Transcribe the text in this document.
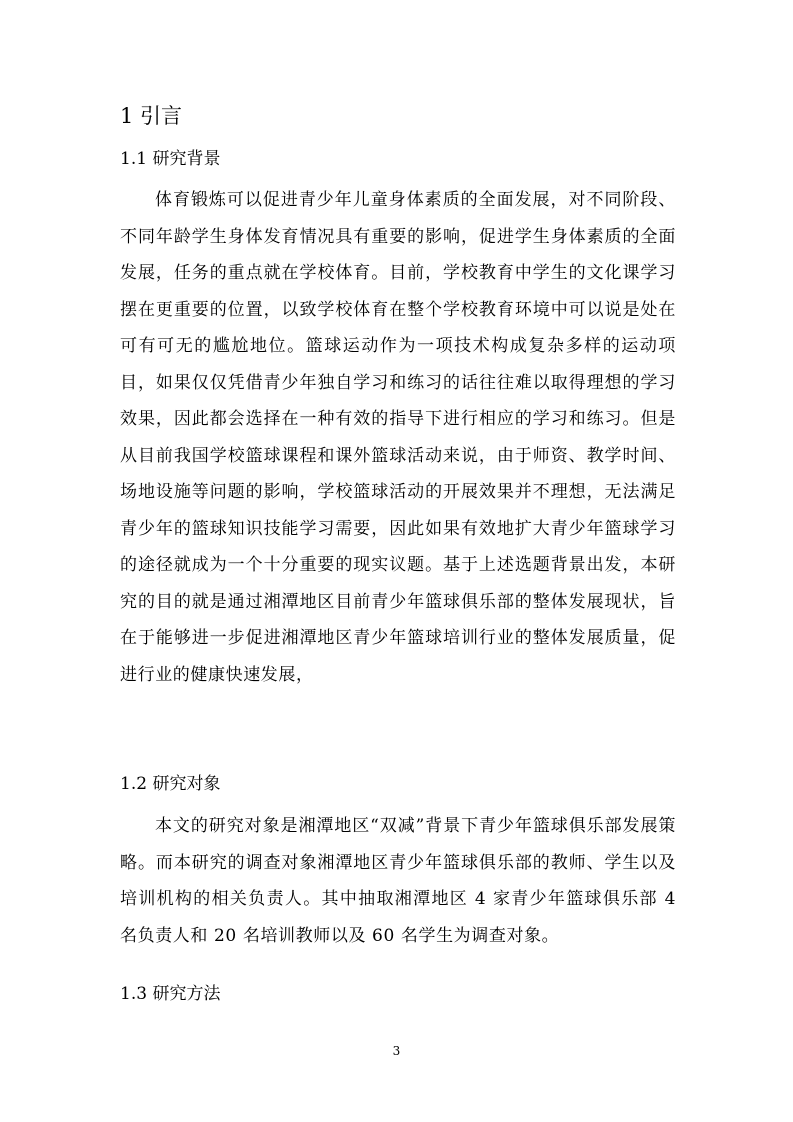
1 引言
1.1 研究背景

体育锻炼可以促进青少年儿童身体素质的全面发展，对不同阶段、不同年龄学生身体发育情况具有重要的影响，促进学生身体素质的全面发展，任务的重点就在学校体育。目前，学校教育中学生的文化课学习摆在更重要的位置，以致学校体育在整个学校教育环境中可以说是处在可有可无的尴尬地位。篮球运动作为一项技术构成复杂多样的运动项目，如果仅仅凭借青少年独自学习和练习的话往往难以取得理想的学习效果，因此都会选择在一种有效的指导下进行相应的学习和练习。但是从目前我国学校篮球课程和课外篮球活动来说，由于师资、教学时间、场地设施等问题的影响，学校篮球活动的开展效果并不理想，无法满足青少年的篮球知识技能学习需要，因此如果有效地扩大青少年篮球学习的途径就成为一个十分重要的现实议题。基于上述选题背景出发，本研究的目的就是通过湘潭地区目前青少年篮球俱乐部的整体发展现状，旨在于能够进一步促进湘潭地区青少年篮球培训行业的整体发展质量，促进行业的健康快速发展，

1.2 研究对象

本文的研究对象是湘潭地区“双减”背景下青少年篮球俱乐部发展策略。而本研究的调查对象湘潭地区青少年篮球俱乐部的教师、学生以及培训机构的相关负责人。其中抽取湘潭地区 4 家青少年篮球俱乐部 4 名负责人和 20 名培训教师以及 60 名学生为调查对象。

1.3 研究方法
3
